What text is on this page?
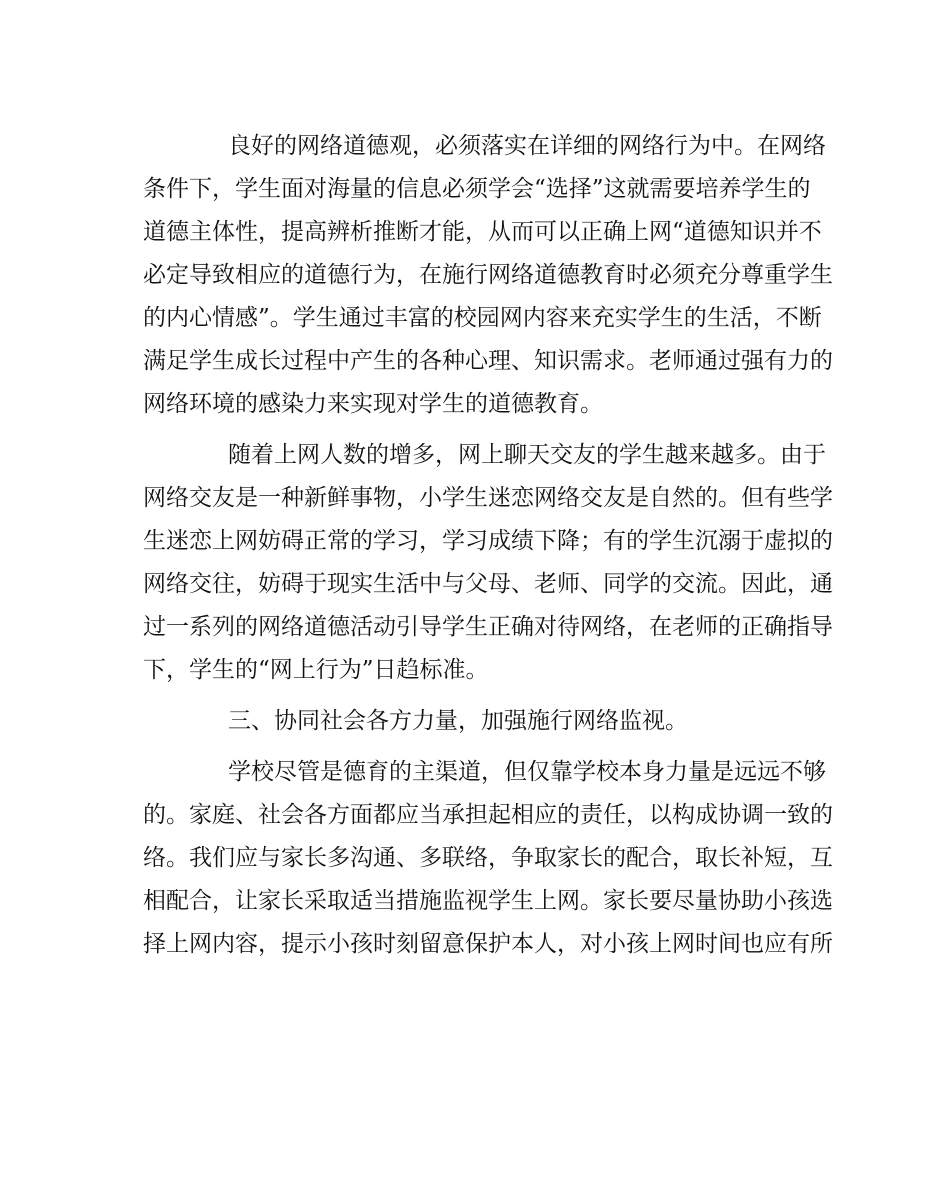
良好的网络道德观，必须落实在详细的网络行为中。在网络
条件下，学生面对海量的信息必须学会“选择”这就需要培养学生的
道德主体性，提高辨析推断才能，从而可以正确上网“道德知识并不
必定导致相应的道德行为，在施行网络道德教育时必须充分尊重学生
的内心情感”。学生通过丰富的校园网内容来充实学生的生活，不断
满足学生成长过程中产生的各种心理、知识需求。老师通过强有力的
网络环境的感染力来实现对学生的道德教育。
随着上网人数的增多，网上聊天交友的学生越来越多。由于
网络交友是一种新鲜事物，小学生迷恋网络交友是自然的。但有些学
生迷恋上网妨碍正常的学习，学习成绩下降；有的学生沉溺于虚拟的
网络交往，妨碍于现实生活中与父母、老师、同学的交流。因此，通
过一系列的网络道德活动引导学生正确对待网络，在老师的正确指导
下，学生的“网上行为”日趋标准。
三、协同社会各方力量，加强施行网络监视。
学校尽管是德育的主渠道，但仅靠学校本身力量是远远不够
的。家庭、社会各方面都应当承担起相应的责任，以构成协调一致的
络。我们应与家长多沟通、多联络，争取家长的配合，取长补短，互
相配合，让家长采取适当措施监视学生上网。家长要尽量协助小孩选
择上网内容，提示小孩时刻留意保护本人，对小孩上网时间也应有所
